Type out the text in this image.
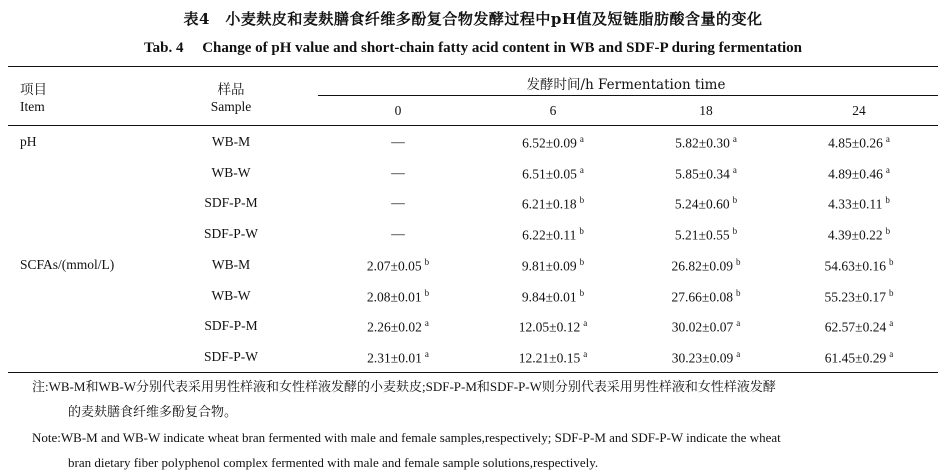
表4　小麦麸皮和麦麸膳食纤维多酚复合物发酵过程中pH值及短链脂肪酸含量的变化
Tab. 4　 Change of pH value and short-chain fatty acid content in WB and SDF-P during fermentation
项目
Item
样品
Sample
发酵时间/h Fermentation time
0	6	18	24
pH	WB-M	—	6.52±0.09 $^a$	5.82±0.30 $^a$	4.85±0.26 $^a$
WB-W	—	6.51±0.05 $^a$	5.85±0.34 $^a$	4.89±0.46 $^a$
SDF-P-M	—	6.21±0.18 $^b$	5.24±0.60 $^b$	4.33±0.11 $^b$
SDF-P-W	—	6.22±0.11 $^b$	5.21±0.55 $^b$	4.39±0.22 $^b$
SCFAs/(mmol/L)	WB-M	2.07±0.05 $^b$	9.81±0.09 $^b$	26.82±0.09 $^b$	54.63±0.16 $^b$
WB-W	2.08±0.01 $^b$	9.84±0.01 $^b$	27.66±0.08 $^b$	55.23±0.17 $^b$
SDF-P-M	2.26±0.02 $^a$	12.05±0.12 $^a$	30.02±0.07 $^a$	62.57±0.24 $^a$
SDF-P-W	2.31±0.01 $^a$	12.21±0.15 $^a$	30.23±0.09 $^a$	61.45±0.29 $^a$
注:WB-M和WB-W分别代表采用男性样液和女性样液发酵的小麦麸皮;SDF-P-M和SDF-P-W则分别代表采用男性样液和女性样液发酵
的麦麸膳食纤维多酚复合物。
Note:WB-M and WB-W indicate wheat bran fermented with male and female samples,respectively; SDF-P-M and SDF-P-W indicate the wheat
bran dietary fiber polyphenol complex fermented with male and female sample solutions,respectively.
